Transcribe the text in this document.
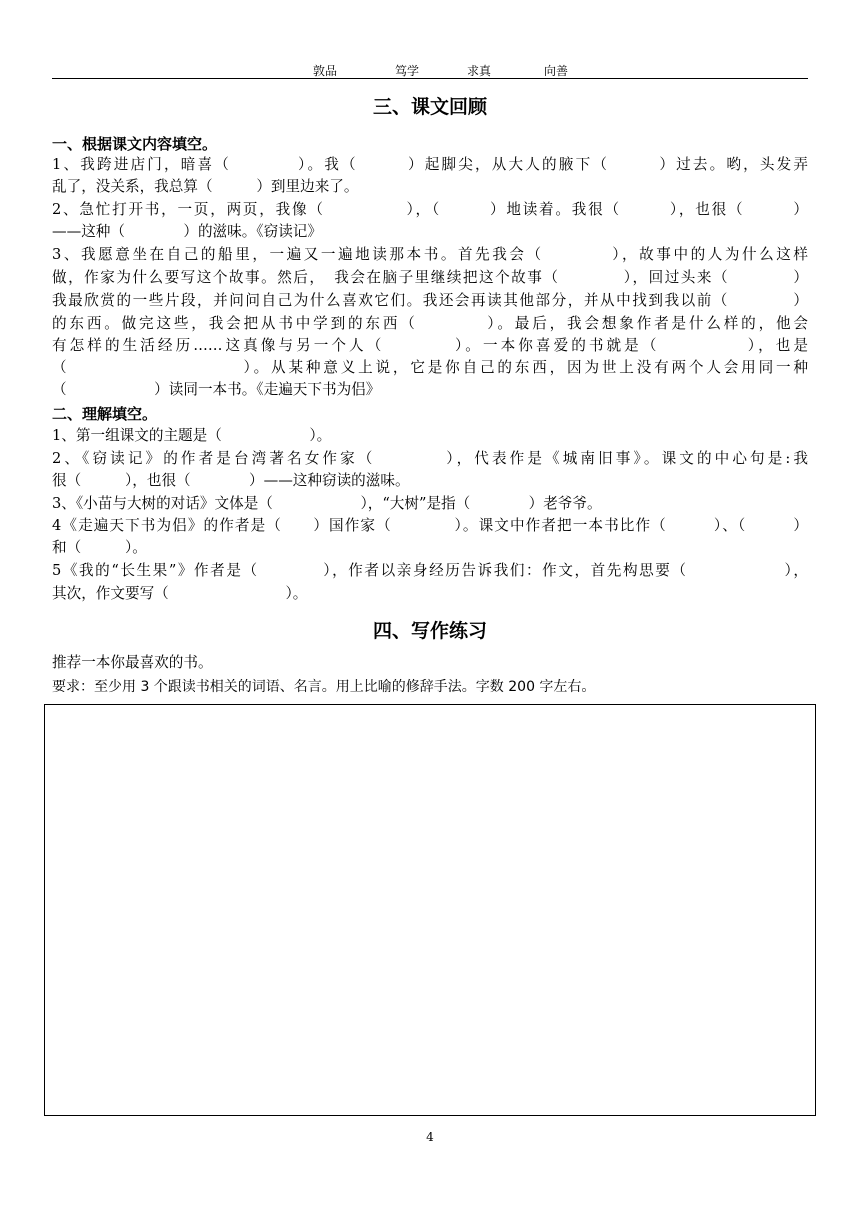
敦品	笃学	求真	向善
三、课文回顾
一、根据课文内容填空。
1、我跨进店门，暗喜（　　　　）。我（　　　）起脚尖，从大人的腋下（　　　）过去。哟，头发弄
乱了，没关系，我总算（　　　）到里边来了。
2、急忙打开书，一页，两页，我像（　　　　　），（　　　）地读着。我很（　　　），也很（　　　）
——这种（　　　　）的滋味。《窃读记》
3、我愿意坐在自己的船里，一遍又一遍地读那本书。首先我会（　　　　），故事中的人为什么这样
做，作家为什么要写这个故事。然后，　我会在脑子里继续把这个故事（　　　　），回过头来（　　　　）
我最欣赏的一些片段，并问问自己为什么喜欢它们。我还会再读其他部分，并从中找到我以前（　　　　）
的东西。做完这些，我会把从书中学到的东西（　　　　）。最后，我会想象作者是什么样的，他会
有怎样的生活经历……这真像与另一个人（　　　　）。一本你喜爱的书就是（　　　　　），也是
（　　　　　　　　　　）。从某种意义上说，它是你自己的东西，因为世上没有两个人会用同一种
（　　　　　　）读同一本书。《走遍天下书为侣》
二、理解填空。
1、第一组课文的主题是（　　　　　　）。
2、《窃读记》的作者是台湾著名女作家（　　　　），代表作是《城南旧事》。课文的中心句是:我
很（　　　），也很（　　　　）——这种窃读的滋味。
3、《小苗与大树的对话》文体是（　　　　　　），“大树”是指（　　　　）老爷爷。
4《走遍天下书为侣》的作者是（　　）国作家（　　　　）。课文中作者把一本书比作（　　　）、（　　　）
和（　　　）。
5《我的“长生果”》作者是（　　　　），作者以亲身经历告诉我们：作文，首先构思要（　　　　　　），
其次，作文要写（　　　　　　　　）。
四、写作练习
推荐一本你最喜欢的书。
要求：至少用 3 个跟读书相关的词语、名言。用上比喻的修辞手法。字数 200 字左右。
4
